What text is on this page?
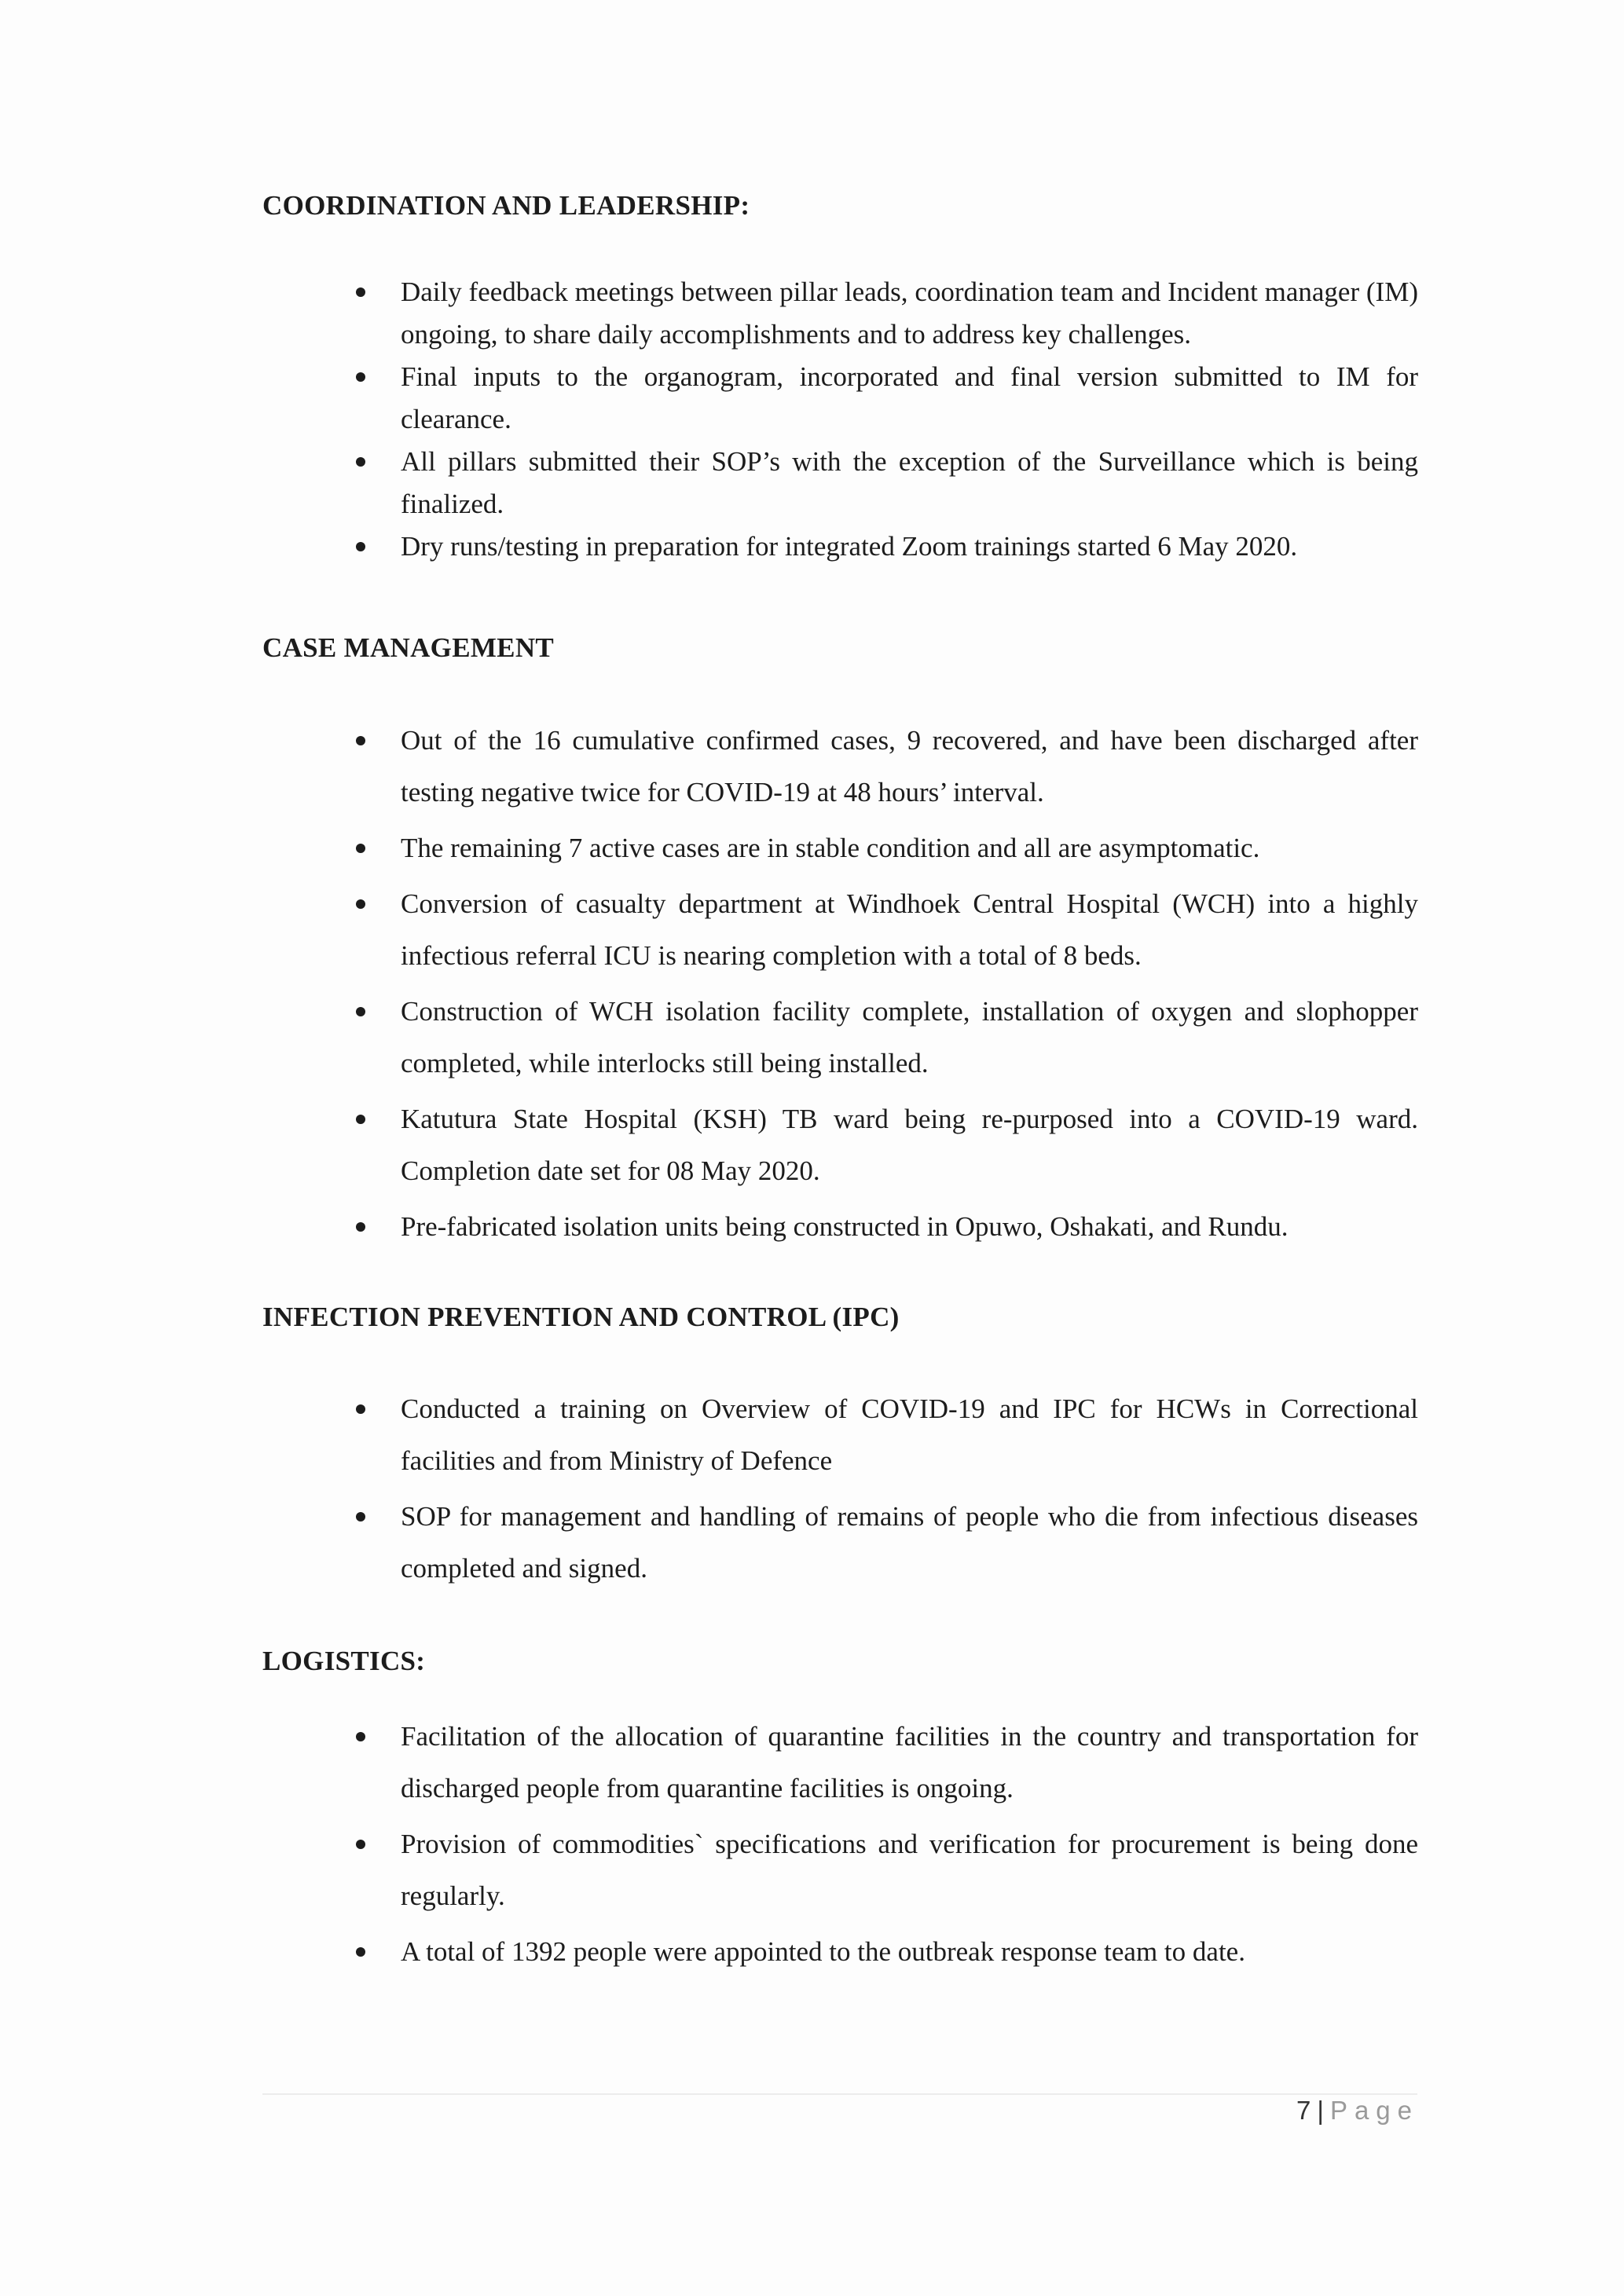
COORDINATION AND LEADERSHIP:
Daily feedback meetings between pillar leads, coordination team and Incident manager (IM) ongoing, to share daily accomplishments and to address key challenges.
Final inputs to the organogram, incorporated and final version submitted to IM for clearance.
All pillars submitted their SOP’s with the exception of the Surveillance which is being finalized.
Dry runs/testing in preparation for integrated Zoom trainings started 6 May 2020.
CASE MANAGEMENT
Out of the 16 cumulative confirmed cases, 9 recovered, and have been discharged after testing negative twice for COVID-19 at 48 hours’ interval.
The remaining 7 active cases are in stable condition and all are asymptomatic.
Conversion of casualty department at Windhoek Central Hospital (WCH) into a highly infectious referral ICU is nearing completion with a total of 8 beds.
Construction of WCH isolation facility complete, installation of oxygen and slophopper completed, while interlocks still being installed.
Katutura State Hospital (KSH) TB ward being re-purposed into a COVID-19 ward. Completion date set for 08 May 2020.
Pre-fabricated isolation units being constructed in Opuwo, Oshakati, and Rundu.
INFECTION PREVENTION AND CONTROL (IPC)
Conducted a training on Overview of COVID-19 and IPC for HCWs in Correctional facilities and from Ministry of Defence
SOP for management and handling of remains of people who die from infectious diseases completed and signed.
LOGISTICS:
Facilitation of the allocation of quarantine facilities in the country and transportation for discharged people from quarantine facilities is ongoing.
Provision of commodities` specifications and verification for procurement is being done regularly.
A total of 1392 people were appointed to the outbreak response team to date.
7 | Page
